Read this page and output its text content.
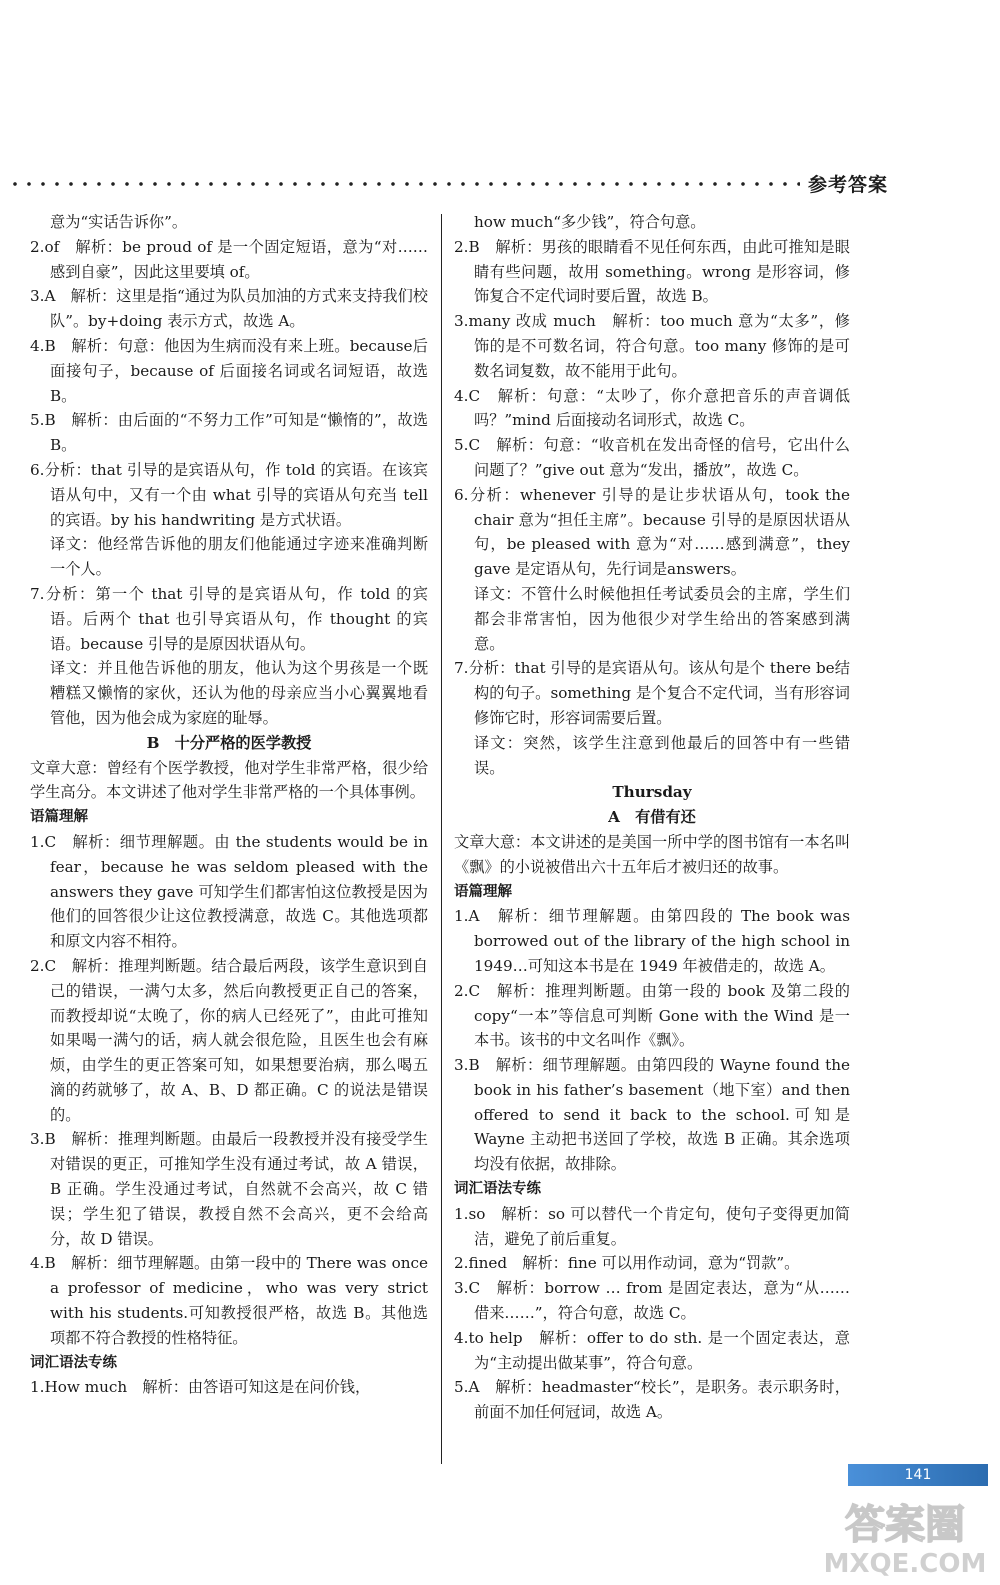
参考答案

意为“实话告诉你”。

2.of　解析：be proud of 是一个固定短语，意为“对……感到自豪”，因此这里要填 of。

3.A　解析：这里是指“通过为队员加油的方式来支持我们校队”。by+doing 表示方式，故选 A。

4.B　解析：句意：他因为生病而没有来上班。because后面接句子，because of 后面接名词或名词短语，故选 B。

5.B　解析：由后面的“不努力工作”可知是“懒惰的”，故选 B。

6.分析：that 引导的是宾语从句，作 told 的宾语。在该宾语从句中，又有一个由 what 引导的宾语从句充当 tell 的宾语。by his handwriting 是方式状语。

译文：他经常告诉他的朋友们他能通过字迹来准确判断一个人。

7.分析：第一个 that 引导的是宾语从句，作 told 的宾语。后两个 that 也引导宾语从句，作 thought 的宾语。because 引导的是原因状语从句。

译文：并且他告诉他的朋友，他认为这个男孩是一个既糟糕又懒惰的家伙，还认为他的母亲应当小心翼翼地看管他，因为他会成为家庭的耻辱。

B　十分严格的医学教授

文章大意：曾经有个医学教授，他对学生非常严格，很少给学生高分。本文讲述了他对学生非常严格的一个具体事例。

语篇理解

1.C　解析：细节理解题。由 the students would be in fear，because he was seldom pleased with the answers they gave 可知学生们都害怕这位教授是因为他们的回答很少让这位教授满意，故选 C。其他选项都和原文内容不相符。

2.C　解析：推理判断题。结合最后两段，该学生意识到自己的错误，一满勺太多，然后向教授更正自己的答案，而教授却说“太晚了，你的病人已经死了”，由此可推知如果喝一满勺的话，病人就会很危险，且医生也会有麻烦，由学生的更正答案可知，如果想要治病，那么喝五滴的药就够了，故 A、B、D 都正确。C 的说法是错误的。

3.B　解析：推理判断题。由最后一段教授并没有接受学生对错误的更正，可推知学生没有通过考试，故 A 错误，B 正确。学生没通过考试，自然就不会高兴，故 C 错误；学生犯了错误，教授自然不会高兴，更不会给高分，故 D 错误。

4.B　解析：细节理解题。由第一段中的 There was once a professor of medicine，who was very strict with his students.可知教授很严格，故选 B。其他选项都不符合教授的性格特征。

词汇语法专练

1.How much　解析：由答语可知这是在问价钱，

how much“多少钱”，符合句意。

2.B　解析：男孩的眼睛看不见任何东西，由此可推知是眼睛有些问题，故用 something。wrong 是形容词，修饰复合不定代词时要后置，故选 B。

3.many 改成 much　解析：too much 意为“太多”，修饰的是不可数名词，符合句意。too many 修饰的是可数名词复数，故不能用于此句。

4.C　解析：句意：“太吵了，你介意把音乐的声音调低吗？”mind 后面接动名词形式，故选 C。

5.C　解析：句意：“收音机在发出奇怪的信号，它出什么问题了？”give out 意为“发出，播放”，故选 C。

6.分析：whenever 引导的是让步状语从句，took the chair 意为“担任主席”。because 引导的是原因状语从句，be pleased with 意为“对……感到满意”，they gave 是定语从句，先行词是answers。

译文：不管什么时候他担任考试委员会的主席，学生们都会非常害怕，因为他很少对学生给出的答案感到满意。

7.分析：that 引导的是宾语从句。该从句是个 there be结构的句子。something 是个复合不定代词，当有形容词修饰它时，形容词需要后置。

译文：突然，该学生注意到他最后的回答中有一些错误。

Thursday

A　有借有还

文章大意：本文讲述的是美国一所中学的图书馆有一本名叫《飘》的小说被借出六十五年后才被归还的故事。

语篇理解

1.A　解析：细节理解题。由第四段的 The book was borrowed out of the library of the high school in 1949…可知这本书是在 1949 年被借走的，故选 A。

2.C　解析：推理判断题。由第一段的 book 及第二段的 copy“一本”等信息可判断 Gone with the Wind 是一本书。该书的中文名叫作《飘》。

3.B　解析：细节理解题。由第四段的 Wayne found the book in his father’s basement（地下室）and then offered to send it back to the school.可知是 Wayne 主动把书送回了学校，故选 B 正确。其余选项均没有依据，故排除。

词汇语法专练

1.so　解析：so 可以替代一个肯定句，使句子变得更加简洁，避免了前后重复。

2.fined　解析：fine 可以用作动词，意为“罚款”。

3.C　解析：borrow … from 是固定表达，意为“从……借来……”，符合句意，故选 C。

4.to help　解析：offer to do sth. 是一个固定表达，意为“主动提出做某事”，符合句意。

5.A　解析：headmaster“校长”，是职务。表示职务时，前面不加任何冠词，故选 A。

141
答案圈
MXQE.COM
